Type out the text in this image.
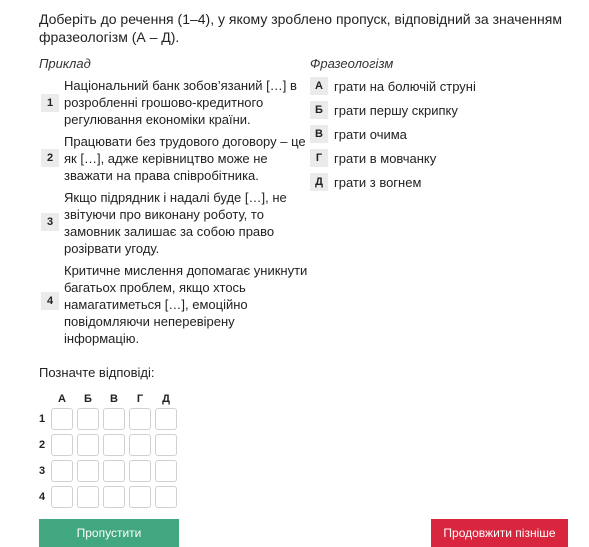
Доберіть до речення (1–4), у якому зроблено пропуск, відповідний за значенням фразеологізм (А – Д).
Приклад	Фразеологізм
1
Національний банк зобов’язаний […] в розробленні грошово-кредитного регулювання економіки країни.
2
Працювати без трудового договору – це як […], адже керівництво може не зважати на права співробітника.
3
Якщо підрядник і надалі буде […], не звітуючи про виконану роботу, то замовник залишає за собою право розірвати угоду.
4
Критичне мислення допомагає уникнути багатьох проблем, якщо хтось намагатиметься […], емоційно повідомляючи неперевірену інформацію.
А грати на болючій струні
Б грати першу скрипку
В грати очима
Г грати в мовчанку
Д грати з вогнем
Позначте відповіді:
А	Б	В	Г	Д
1
2
3
4
Пропустити	Продовжити пізніше
